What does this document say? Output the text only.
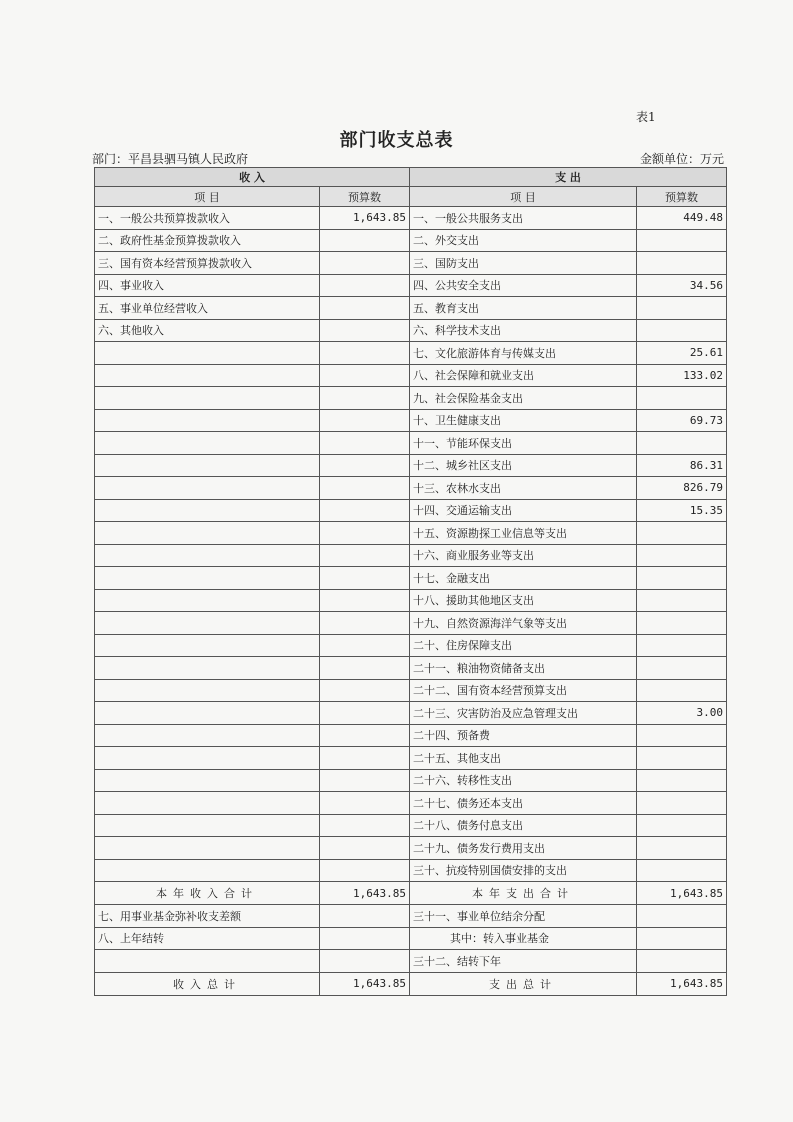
表1
部门收支总表
部门：平昌县驷马镇人民政府	金额单位：万元
收 入		支 出	
项 目	预算数	项 目	预算数
一、一般公共预算拨款收入	1,643.85	一、一般公共服务支出	449.48
二、政府性基金预算拨款收入		二、外交支出	
三、国有资本经营预算拨款收入		三、国防支出	
四、事业收入		四、公共安全支出	34.56
五、事业单位经营收入		五、教育支出	
六、其他收入		六、科学技术支出	
		七、文化旅游体育与传媒支出	25.61
		八、社会保障和就业支出	133.02
		九、社会保险基金支出	
		十、卫生健康支出	69.73
		十一、节能环保支出	
		十二、城乡社区支出	86.31
		十三、农林水支出	826.79
		十四、交通运输支出	15.35
		十五、资源勘探工业信息等支出	
		十六、商业服务业等支出	
		十七、金融支出	
		十八、援助其他地区支出	
		十九、自然资源海洋气象等支出	
		二十、住房保障支出	
		二十一、粮油物资储备支出	
		二十二、国有资本经营预算支出	
		二十三、灾害防治及应急管理支出	3.00
		二十四、预备费	
		二十五、其他支出	
		二十六、转移性支出	
		二十七、债务还本支出	
		二十八、债务付息支出	
		二十九、债务发行费用支出	
		三十、抗疫特别国债安排的支出	
本年收入合计	1,643.85	本年支出合计	1,643.85
七、用事业基金弥补收支差额		三十一、事业单位结余分配	
八、上年结转		其中：转入事业基金	
		三十二、结转下年	
收入总计	1,643.85	支出总计	1,643.85
